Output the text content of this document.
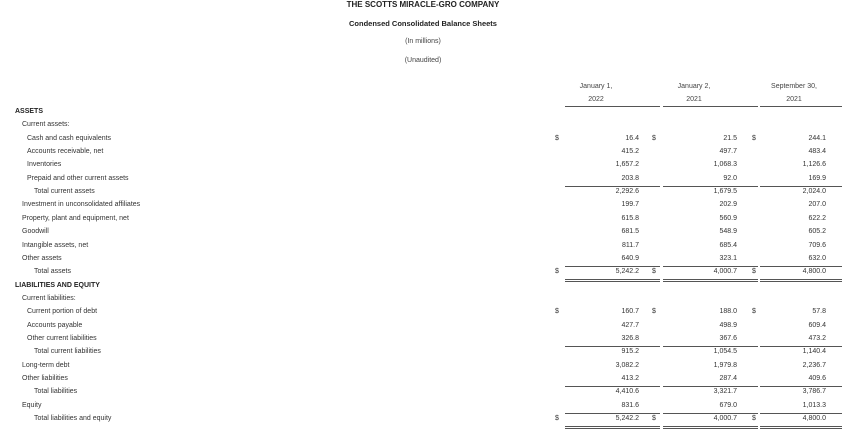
THE SCOTTS MIRACLE-GRO COMPANY
Condensed Consolidated Balance Sheets
(In millions)
(Unaudited)
January 1,
2022
January 2,
2021
September 30,
2021
ASSETS
Current assets:
Cash and cash equivalents	$	16.4 $	21.5 $	244.1
Accounts receivable, net	415.2	497.7	483.4
Inventories	1,657.2	1,068.3	1,126.6
Prepaid and other current assets	203.8	92.0	169.9
Total current assets	2,292.6	1,679.5	2,024.0
Investment in unconsolidated affiliates	199.7	202.9	207.0
Property, plant and equipment, net	615.8	560.9	622.2
Goodwill	681.5	548.9	605.2
Intangible assets, net	811.7	685.4	709.6
Other assets	640.9	323.1	632.0
Total assets	$	5,242.2 $	4,000.7 $	4,800.0
LIABILITIES AND EQUITY
Current liabilities:
Current portion of debt	$	160.7 $	188.0 $	57.8
Accounts payable	427.7	498.9	609.4
Other current liabilities	326.8	367.6	473.2
Total current liabilities	915.2	1,054.5	1,140.4
Long-term debt	3,082.2	1,979.8	2,236.7
Other liabilities	413.2	287.4	409.6
Total liabilities	4,410.6	3,321.7	3,786.7
Equity	831.6	679.0	1,013.3
Total liabilities and equity	$	5,242.2 $	4,000.7 $	4,800.0
